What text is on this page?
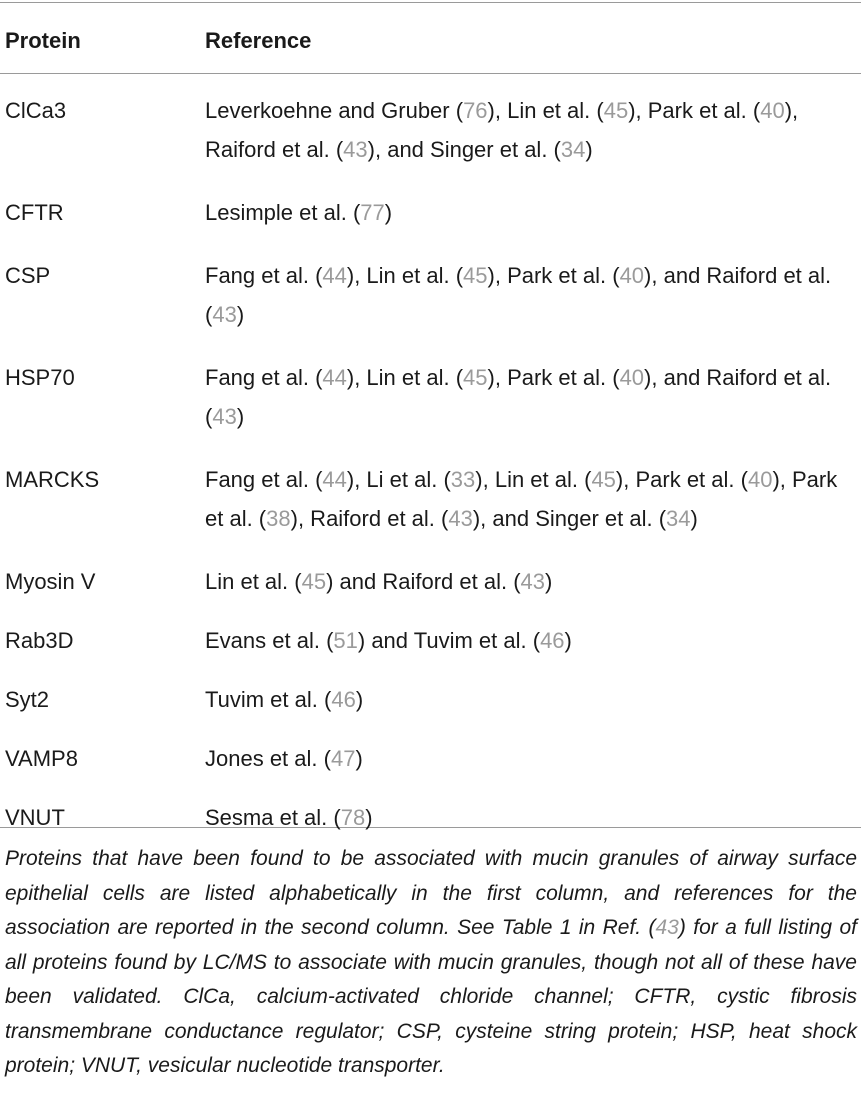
Protein	Reference
ClCa3	Leverkoehne and Gruber (76), Lin et al. (45), Park et al. (40), Raiford et al. (43), and Singer et al. (34)
CFTR	Lesimple et al. (77)
CSP	Fang et al. (44), Lin et al. (45), Park et al. (40), and Raiford et al. (43)
HSP70	Fang et al. (44), Lin et al. (45), Park et al. (40), and Raiford et al. (43)
MARCKS	Fang et al. (44), Li et al. (33), Lin et al. (45), Park et al. (40), Park et al. (38), Raiford et al. (43), and Singer et al. (34)
Myosin V	Lin et al. (45) and Raiford et al. (43)
Rab3D	Evans et al. (51) and Tuvim et al. (46)
Syt2	Tuvim et al. (46)
VAMP8	Jones et al. (47)
VNUT	Sesma et al. (78)
Proteins that have been found to be associated with mucin granules of airway surface epithelial cells are listed alphabetically in the first column, and references for the association are reported in the second column. See Table 1 in Ref. (43) for a full listing of all proteins found by LC/MS to associate with mucin granules, though not all of these have been validated. ClCa, calcium-activated chloride channel; CFTR, cystic fibrosis transmembrane conductance regulator; CSP, cysteine string protein; HSP, heat shock protein; VNUT, vesicular nucleotide transporter.
